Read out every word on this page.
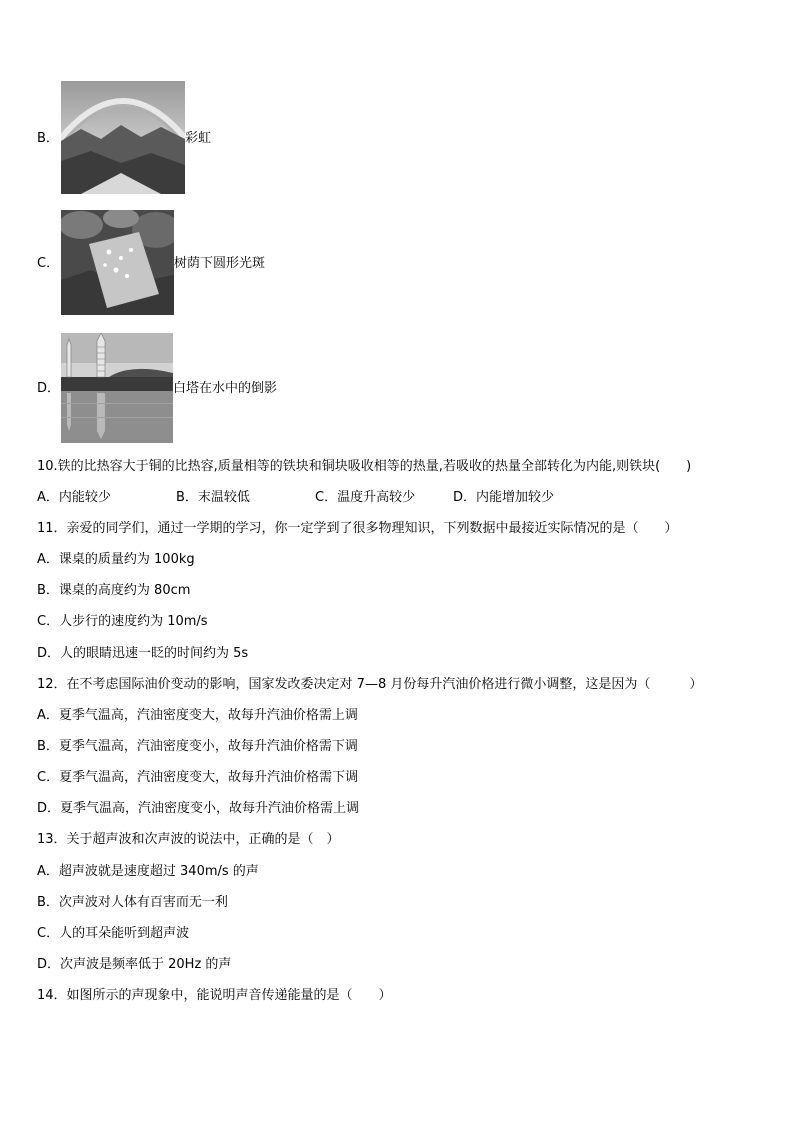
B．	彩虹
C．	树荫下圆形光斑
D．	白塔在水中的倒影
10.铁的比热容大于铜的比热容,质量相等的铁块和铜块吸收相等的热量,若吸收的热量全部转化为内能,则铁块(　　)
A．内能较少	B．末温较低	C．温度升高较少	D．内能增加较少
11．亲爱的同学们，通过一学期的学习，你一定学到了很多物理知识，下列数据中最接近实际情况的是（　　）
A．课桌的质量约为 100kg
B．课桌的高度约为 80cm
C．人步行的速度约为 10m/s
D．人的眼睛迅速一眨的时间约为 5s
12．在不考虑国际油价变动的影响，国家发改委决定对 7—8 月份每升汽油价格进行微小调整，这是因为（　　　）
A．夏季气温高，汽油密度变大，故每升汽油价格需上调
B．夏季气温高，汽油密度变小，故每升汽油价格需下调
C．夏季气温高，汽油密度变大，故每升汽油价格需下调
D．夏季气温高，汽油密度变小，故每升汽油价格需上调
13．关于超声波和次声波的说法中，正确的是（　）
A．超声波就是速度超过 340m/s 的声
B．次声波对人体有百害而无一利
C．人的耳朵能听到超声波
D．次声波是频率低于 20Hz 的声
14．如图所示的声现象中，能说明声音传递能量的是（　　）
